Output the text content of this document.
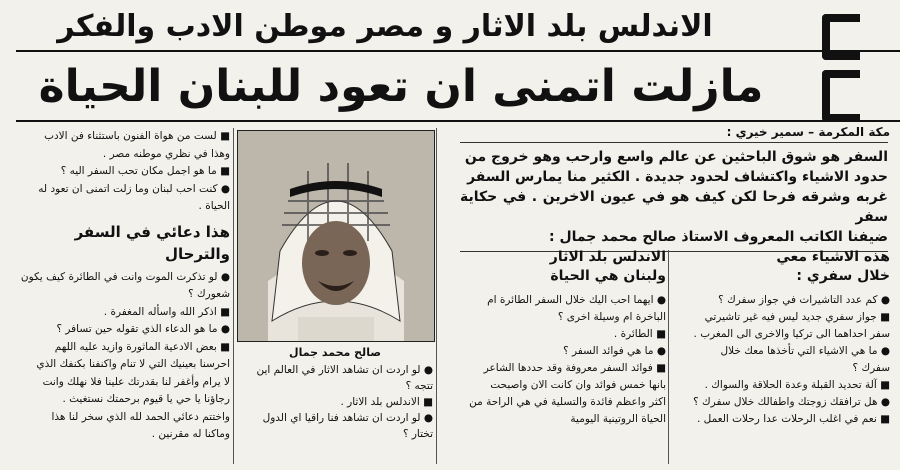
الاندلس بلد الاثار و مصر موطن الادب والفكر
مازلت اتمنى ان تعود للبنان الحياة
مكة المكرمة – سمير خيري :

السفر هو شوق الباحثين عن عالم واسع وارحب وهو خروج من

حدود الاشياء واكتشاف لحدود جديدة . الكثير منا يمارس السفر

غربه وشرقه فرحا لكن كيف هو في عيون الاخرين . في حكاية سفر

ضيفنا الكاتب المعروف الاستاذ صالح محمد جمال :

صالح محمد جمال

■ لست من هواة الفنون باستثناء فن الادب

وهذا في نظري موطنه مصر .

■ ما هو اجمل مكان تحب السفر اليه ؟

● كنت احب لبنان وما زلت اتمنى ان تعود له

الحياة .

هذا دعائي في السفر
والترحال

● لو تذكرت الموت وانت في الطائرة كيف يكون

شعورك ؟

■ اذكر الله واسأله المغفرة .

● ما هو الدعاء الذي تقوله حين تسافر ؟

■ بعض الادعية الماثورة وازيد عليه اللهم

احرسنا بعينيك التي لا تنام واكنفنا بكنفك الذي

لا يرام وأغفر لنا بقدرتك علينا فلا نهلك وانت

رجاؤنا يا حي يا قيوم برحمتك نستغيث .

واختتم دعائي الحمد لله الذي سخر لنا هذا

وماكنا له مقرنين .

● لو اردت ان تشاهد الاثار في العالم اين

تتجه ؟

■ الاندلس بلد الاثار .

● لو اردت ان تشاهد فنا راقيا اي الدول

تختار ؟

الاندلس بلد الاثار
ولبنان هي الحياة

● ايهما احب اليك خلال السفر الطائرة ام

الباخرة ام وسيلة اخرى ؟

■ الطائرة .

● ما هي فوائد السفر ؟

■ فوائد السفر معروفة وقد حددها الشاعر

بانها خمس فوائد وان كانت الان واصبحت

اكثر واعظم فائدة والتسلية في هي الراحة من

الحياة الروتينية اليومية

هذه الاشياء معي
خلال سفري :

● كم عدد التاشيرات في جواز سفرك ؟

■ جواز سفري جديد ليس فيه غير تاشيرتي

سفر احداهما الى تركيا والاخرى الى المغرب .

● ما هي الاشياء التي تأخذها معك خلال

سفرك ؟

■ آلة تحديد القبلة وعدة الحلاقة والسواك .

● هل ترافقك زوجتك واطفالك خلال سفرك ؟

■ نعم في اغلب الرحلات عدا رحلات العمل .
